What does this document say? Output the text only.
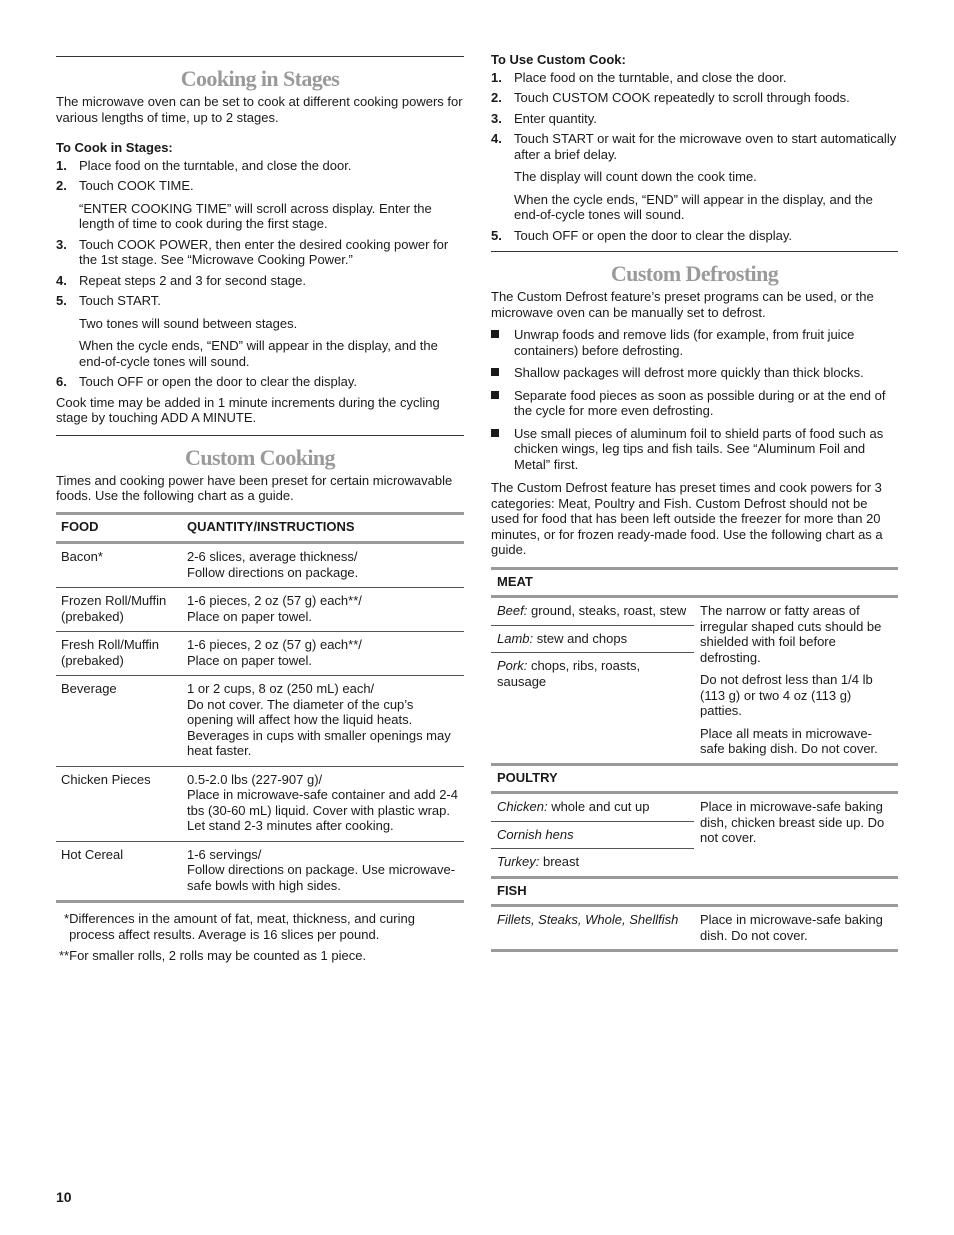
Cooking in Stages

The microwave oven can be set to cook at different cooking powers for various lengths of time, up to 2 stages.

To Cook in Stages:

1. Place food on the turntable, and close the door.

2. Touch COOK TIME.

“ENTER COOKING TIME” will scroll across display. Enter the length of time to cook during the first stage.

3. Touch COOK POWER, then enter the desired cooking power for the 1st stage. See “Microwave Cooking Power.”

4. Repeat steps 2 and 3 for second stage.

5. Touch START.

Two tones will sound between stages.

When the cycle ends, “END” will appear in the display, and the end-of-cycle tones will sound.

6. Touch OFF or open the door to clear the display.

Cook time may be added in 1 minute increments during the cycling stage by touching ADD A MINUTE.

Custom Cooking

Times and cooking power have been preset for certain microwavable foods. Use the following chart as a guide.

FOOD	QUANTITY/INSTRUCTIONS
Bacon*	2-6 slices, average thickness/
Follow directions on package.

Frozen Roll/Muffin (prebaked)	1-6 pieces, 2 oz (57 g) each**/
Place on paper towel.

Fresh Roll/Muffin (prebaked)	1-6 pieces, 2 oz (57 g) each**/
Place on paper towel.

Beverage	1 or 2 cups, 8 oz (250 mL) each/
Do not cover. The diameter of the cup’s opening will affect how the liquid heats. Beverages in cups with smaller openings may heat faster.

Chicken Pieces	0.5-2.0 lbs (227-907 g)/
Place in microwave-safe container and add 2-4 tbs (30-60 mL) liquid. Cover with plastic wrap. Let stand 2-3 minutes after cooking.

Hot Cereal	1-6 servings/
Follow directions on package. Use microwave-safe bowls with high sides.
* Differences in the amount of fat, meat, thickness, and curing process affect results. Average is 16 slices per pound.
** For smaller rolls, 2 rolls may be counted as 1 piece.

To Use Custom Cook:

1. Place food on the turntable, and close the door.

2. Touch CUSTOM COOK repeatedly to scroll through foods.

3. Enter quantity.

4. Touch START or wait for the microwave oven to start automatically after a brief delay.

The display will count down the cook time.

When the cycle ends, “END” will appear in the display, and the end-of-cycle tones will sound.

5. Touch OFF or open the door to clear the display.

Custom Defrosting

The Custom Defrost feature’s preset programs can be used, or the microwave oven can be manually set to defrost.

Unwrap foods and remove lids (for example, from fruit juice containers) before defrosting.
Shallow packages will defrost more quickly than thick blocks.
Separate food pieces as soon as possible during or at the end of the cycle for more even defrosting.
Use small pieces of aluminum foil to shield parts of food such as chicken wings, leg tips and fish tails. See “Aluminum Foil and Metal” first.

The Custom Defrost feature has preset times and cook powers for 3 categories: Meat, Poultry and Fish. Custom Defrost should not be used for food that has been left outside the freezer for more than 20 minutes, or for frozen ready-made food. Use the following chart as a guide.

MEAT	
Beef: ground, steaks, roast, stew	The narrow or fatty areas of irregular shaped cuts should be shielded with foil before defrosting.

Do not defrost less than 1/4 lb (113 g) or two 4 oz (113 g) patties.

Place all meats in microwave-safe baking dish. Do not cover.

Lamb: stew and chops	
Pork: chops, ribs, roasts, sausage	

POULTRY	
Chicken: whole and cut up	Place in microwave-safe baking dish, chicken breast side up. Do not cover.

Cornish hens	
Turkey: breast	

FISH	
Fillets, Steaks, Whole, Shellfish	Place in microwave-safe baking dish. Do not cover.

10
